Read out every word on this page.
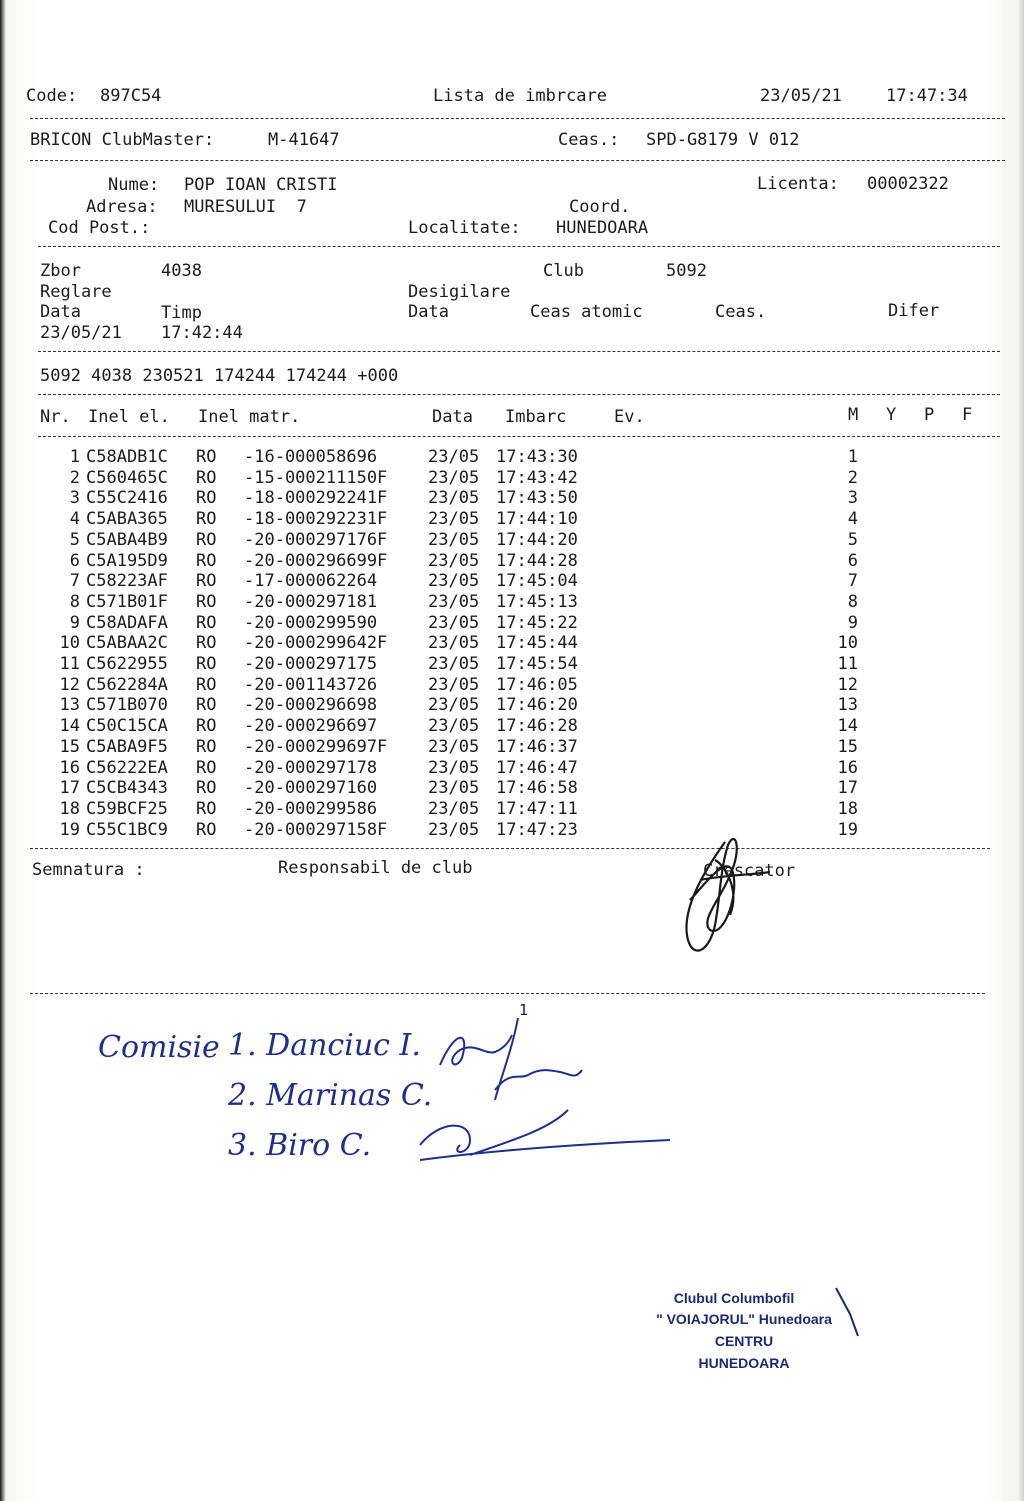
Code: 897C54	Lista de imbrcare	23/05/21	17:47:34
BRICON ClubMaster:	M-41647	Ceas.: SPD-G8179 V 012
Nume: POP IOAN CRISTI	Licenta: 00002322
Adresa: MURESULUI  7	Coord.
Cod Post.:	Localitate: HUNEDOARA
Zbor	4038	Club	5092
Reglare	Desigilare
Data	Timp	Data	Ceas atomic	Ceas.	Difer
23/05/21 17:42:44
5092 4038 230521 174244 174244 +000
Nr. Inel el. Inel matr.	Data Imbarc	Ev.	M Y P F
1 C58ADB1C RO -16-000058696	23/05 17:43:30	1
2 C560465C RO -15-000211150F 23/05 17:43:42	2
3 C55C2416 RO -18-000292241F 23/05 17:43:50	3
4 C5ABA365 RO -18-000292231F 23/05 17:44:10	4
5 C5ABA4B9 RO -20-000297176F 23/05 17:44:20	5
6 C5A195D9 RO -20-000296699F 23/05 17:44:28	6
7 C58223AF RO -17-000062264	23/05 17:45:04	7
8 C571B01F RO -20-000297181	23/05 17:45:13	8
9 C58ADAFA RO -20-000299590	23/05 17:45:22	9
10 C5ABAA2C RO -20-000299642F 23/05 17:45:44	10
11 C5622955 RO -20-000297175	23/05 17:45:54	11
12 C562284A RO -20-001143726	23/05 17:46:05	12
13 C571B070 RO -20-000296698	23/05 17:46:20	13
14 C50C15CA RO -20-000296697	23/05 17:46:28	14
15 C5ABA9F5 RO -20-000299697F 23/05 17:46:37	15
16 C56222EA RO -20-000297178	23/05 17:46:47	16
17 C5CB4343 RO -20-000297160	23/05 17:46:58	17
18 C59BCF25 RO -20-000299586	23/05 17:47:11	18
19 C55C1BC9 RO -20-000297158F 23/05 17:47:23	19
Semnatura :	Responsabil de club	Crescator
1
Comisie 1. Danciuc I.
2. Marinas C.
3. Biro C.
Clubul Columbofil
" VOIAJORUL" Hunedoara
CENTRU
HUNEDOARA
